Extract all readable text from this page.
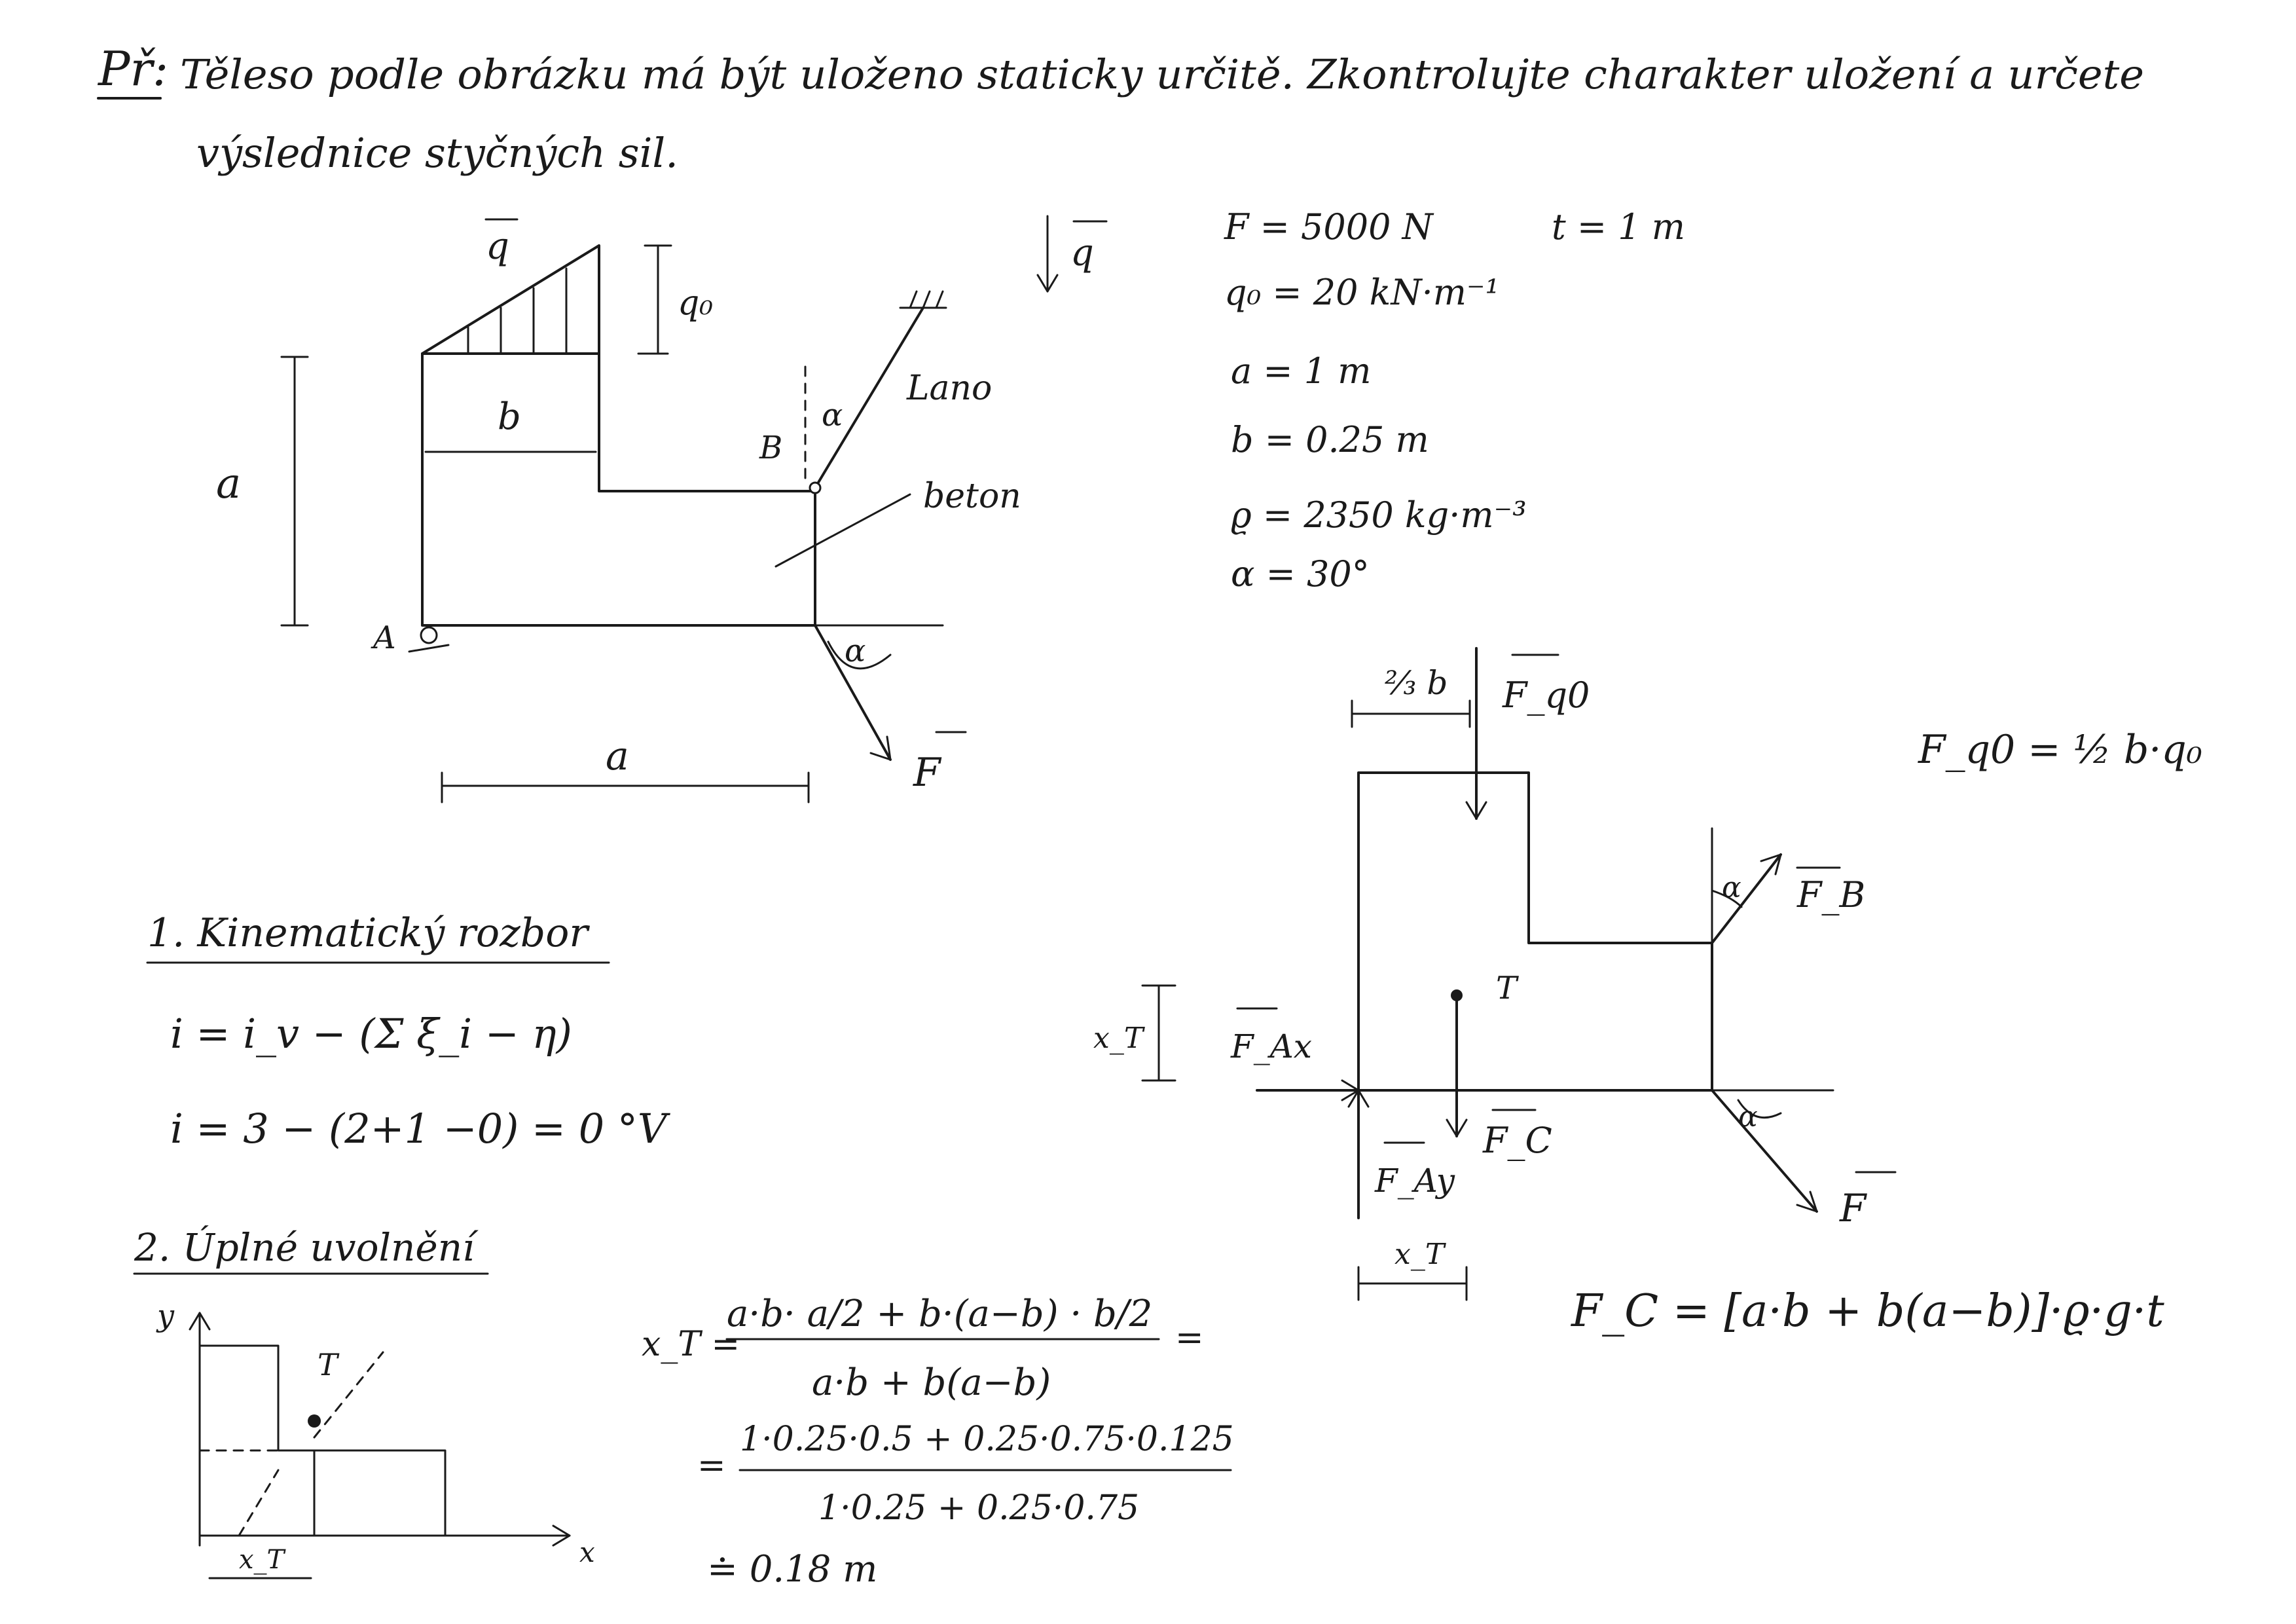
Př: Těleso podle obrázku má být uloženo staticky určitě. Zkontrolujte charakter uložení a určete
výslednice styčných sil.
q
q₀
a
b	α
B
Lano
beton
A	α
F
a
q
F = 5000 N	t = 1 m
q₀ = 20 kN·m⁻¹
a = 1 m
b = 0.25 m
ϱ = 2350 kg·m⁻³
α = 30°
1. Kinematický rozbor
i = i_v − (Σ ξ_i − η)
i = 3 − (2+1 −0) = 0 °V
2. Úplné uvolnění
y
x
T
x_T
x_T =
a·b· a/2 + b·(a−b) · b/2
a·b + b(a−b)
=
=
1·0.25·0.5 + 0.25·0.75·0.125
1·0.25 + 0.25·0.75
≐ 0.18 m
⅔ b F_q0
α F_B
T
F_C
x_T	F_Ax
F_Ay
α
F
x_T
F_q0 = ½ b·q₀
F_C = [a·b + b(a−b)]·ϱ·g·t
